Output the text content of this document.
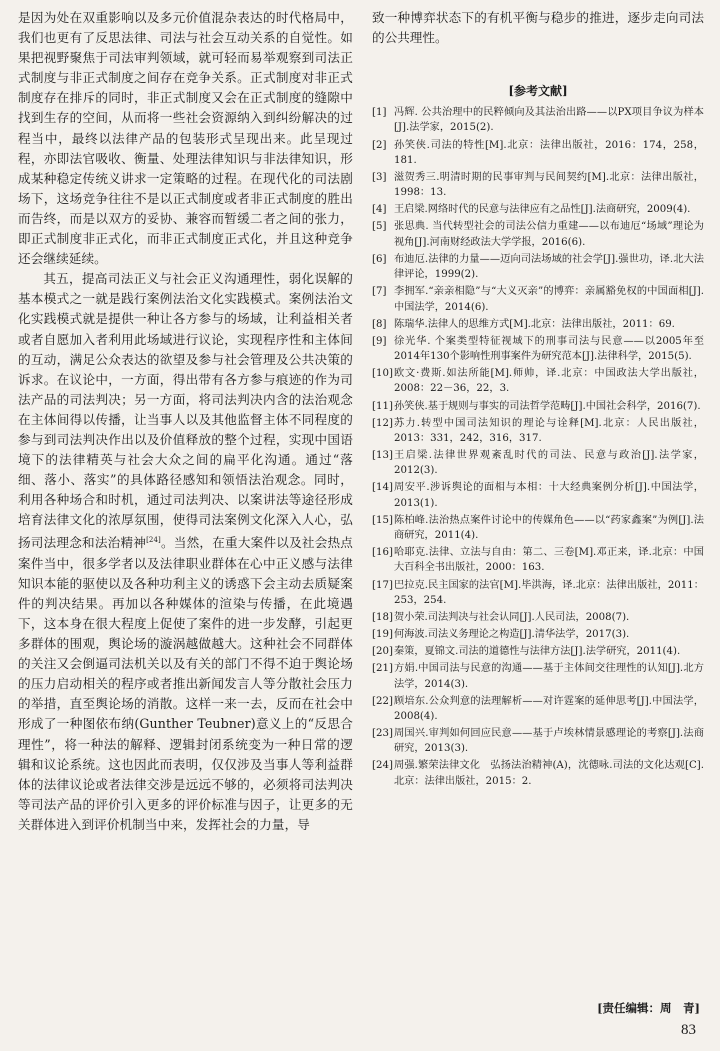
是因为处在双重影响以及多元价值混杂表达的时代格局中，我们也更有了反思法律、司法与社会互动关系的自觉性。如果把视野聚焦于司法审判领域，就可轻而易举观察到司法正式制度与非正式制度之间存在竞争关系。正式制度对非正式制度存在排斥的同时，非正式制度又会在正式制度的缝隙中找到生存的空间，从而将一些社会资源纳入到纠纷解决的过程当中，最终以法律产品的包装形式呈现出来。此呈现过程，亦即法官吸收、衡量、处理法律知识与非法律知识，形成某种稳定传统义讲求一定策略的过程。在现代化的司法剧场下，这场竞争往往不是以正式制度或者非正式制度的胜出而告终，而是以双方的妥协、兼容而暂缓二者之间的张力，即正式制度非正式化，而非正式制度正式化，并且这种竞争还会继续延续。

其五，提高司法正义与社会正义沟通理性，弱化误解的基本模式之一就是践行案例法治文化实践模式。案例法治文化实践模式就是提供一种让各方参与的场域，让利益相关者或者自愿加入者利用此场域进行议论，实现程序性和主体间的互动，满足公众表达的欲望及参与社会管理及公共决策的诉求。在议论中，一方面，得出带有各方参与痕迹的作为司法产品的司法判决；另一方面，将司法判决内含的法治观念在主体间得以传播，让当事人以及其他监督主体不同程度的参与到司法判决作出以及价值释放的整个过程，实现中国语境下的法律精英与社会大众之间的扁平化沟通。通过“落细、落小、落实”的具体路径感知和领悟法治观念。同时，利用各种场合和时机，通过司法判决、以案讲法等途径形成培育法律文化的浓厚氛围，使得司法案例文化深入人心，弘扬司法理念和法治精神[24]。当然，在重大案件以及社会热点案件当中，很多学者以及法律职业群体在心中正义感与法律知识本能的驱使以及各种功利主义的诱惑下会主动去质疑案件的判决结果。再加以各种媒体的渲染与传播，在此境遇下，这本身在很大程度上促使了案件的进一步发酵，引起更多群体的围观，舆论场的漩涡越做越大。这种社会不同群体的关注又会倒逼司法机关以及有关的部门不得不迫于舆论场的压力启动相关的程序或者推出新闻发言人等分散社会压力的举措，直至舆论场的消散。这样一来一去，反而在社会中形成了一种图依布纳(Gunther Teubner)意义上的“反思合理性”，将一种法的解释、逻辑封闭系统变为一种日常的逻辑和议论系统。这也因此而表明，仅仅涉及当事人等利益群体的法律议论或者法律交涉是远远不够的，必须将司法判决等司法产品的评价引入更多的评价标准与因子，让更多的无关群体进入到评价机制当中来，发挥社会的力量，导

致一种博弈状态下的有机平衡与稳步的推进，逐步走向司法的公共理性。

[参考文献]
[1] 冯辉. 公共治理中的民粹倾向及其法治出路——以PX项目争议为样本[J].法学家，2015(2).
[2] 孙笑侠.司法的特性[M].北京：法律出版社，2016：174，258，181.
[3] 滋贺秀三.明清时期的民事审判与民间契约[M].北京：法律出版社，1998：13.
[4] 王启梁.网络时代的民意与法律应有之品性[J].法商研究，2009(4).
[5] 张思典. 当代转型社会的司法公信力重建——以布迪厄“场域”理论为视角[J].河南财经政法大学学报，2016(6).
[6] 布迪厄.法律的力量——迈向司法场域的社会学[J].强世功，译.北大法律评论，1999(2).
[7] 李拥军.“亲亲相隐”与“大义灭亲”的博弈：亲属豁免权的中国面相[J].中国法学，2014(6).
[8] 陈瑞华.法律人的思维方式[M].北京：法律出版社，2011：69.
[9] 徐光华. 个案类型特征视域下的刑事司法与民意——以2005年至2014年130个影响性刑事案件为研究范本[J].法律科学，2015(5).
[10] 欧文·费斯.如法所能[M].师帅，译.北京：中国政法大学出版社，2008：22－36，22，3.
[11] 孙笑侠.基于规则与事实的司法哲学范畴[J].中国社会科学，2016(7).
[12] 苏力.转型中国司法知识的理论与诠释[M].北京：人民出版社，2013：331，242，316，317.
[13] 王启梁.法律世界观紊乱时代的司法、民意与政治[J].法学家，2012(3).
[14] 周安平.涉诉舆论的面相与本相：十大经典案例分析[J].中国法学，2013(1).
[15] 陈柏峰.法治热点案件讨论中的传媒角色——以“药家鑫案”为例[J].法商研究，2011(4).
[16] 哈耶克.法律、立法与自由：第二、三卷[M].邓正来，译.北京：中国大百科全书出版社，2000：163.
[17] 巴拉克.民主国家的法官[M].毕洪海，译.北京：法律出版社，2011：253，254.
[18] 贺小荣.司法判决与社会认同[J].人民司法，2008(7).
[19] 何海波.司法义务理论之构造[J].清华法学，2017(3).
[20] 秦策，夏锦文.司法的道德性与法律方法[J].法学研究，2011(4).
[21] 方娟.中国司法与民意的沟通——基于主体间交往理性的认知[J].北方法学，2014(3).
[22] 顾培东.公众判意的法理解析——对许霆案的延伸思考[J].中国法学，2008(4).
[23] 周国兴.审判如何回应民意——基于卢埃林情景感理论的考察[J].法商研究，2013(3).
[24] 周强.繁荣法律文化　弘扬法治精神(A)，沈德咏.司法的文化达观[C].北京：法律出版社，2015：2.
[责任编辑：周　青]
83
